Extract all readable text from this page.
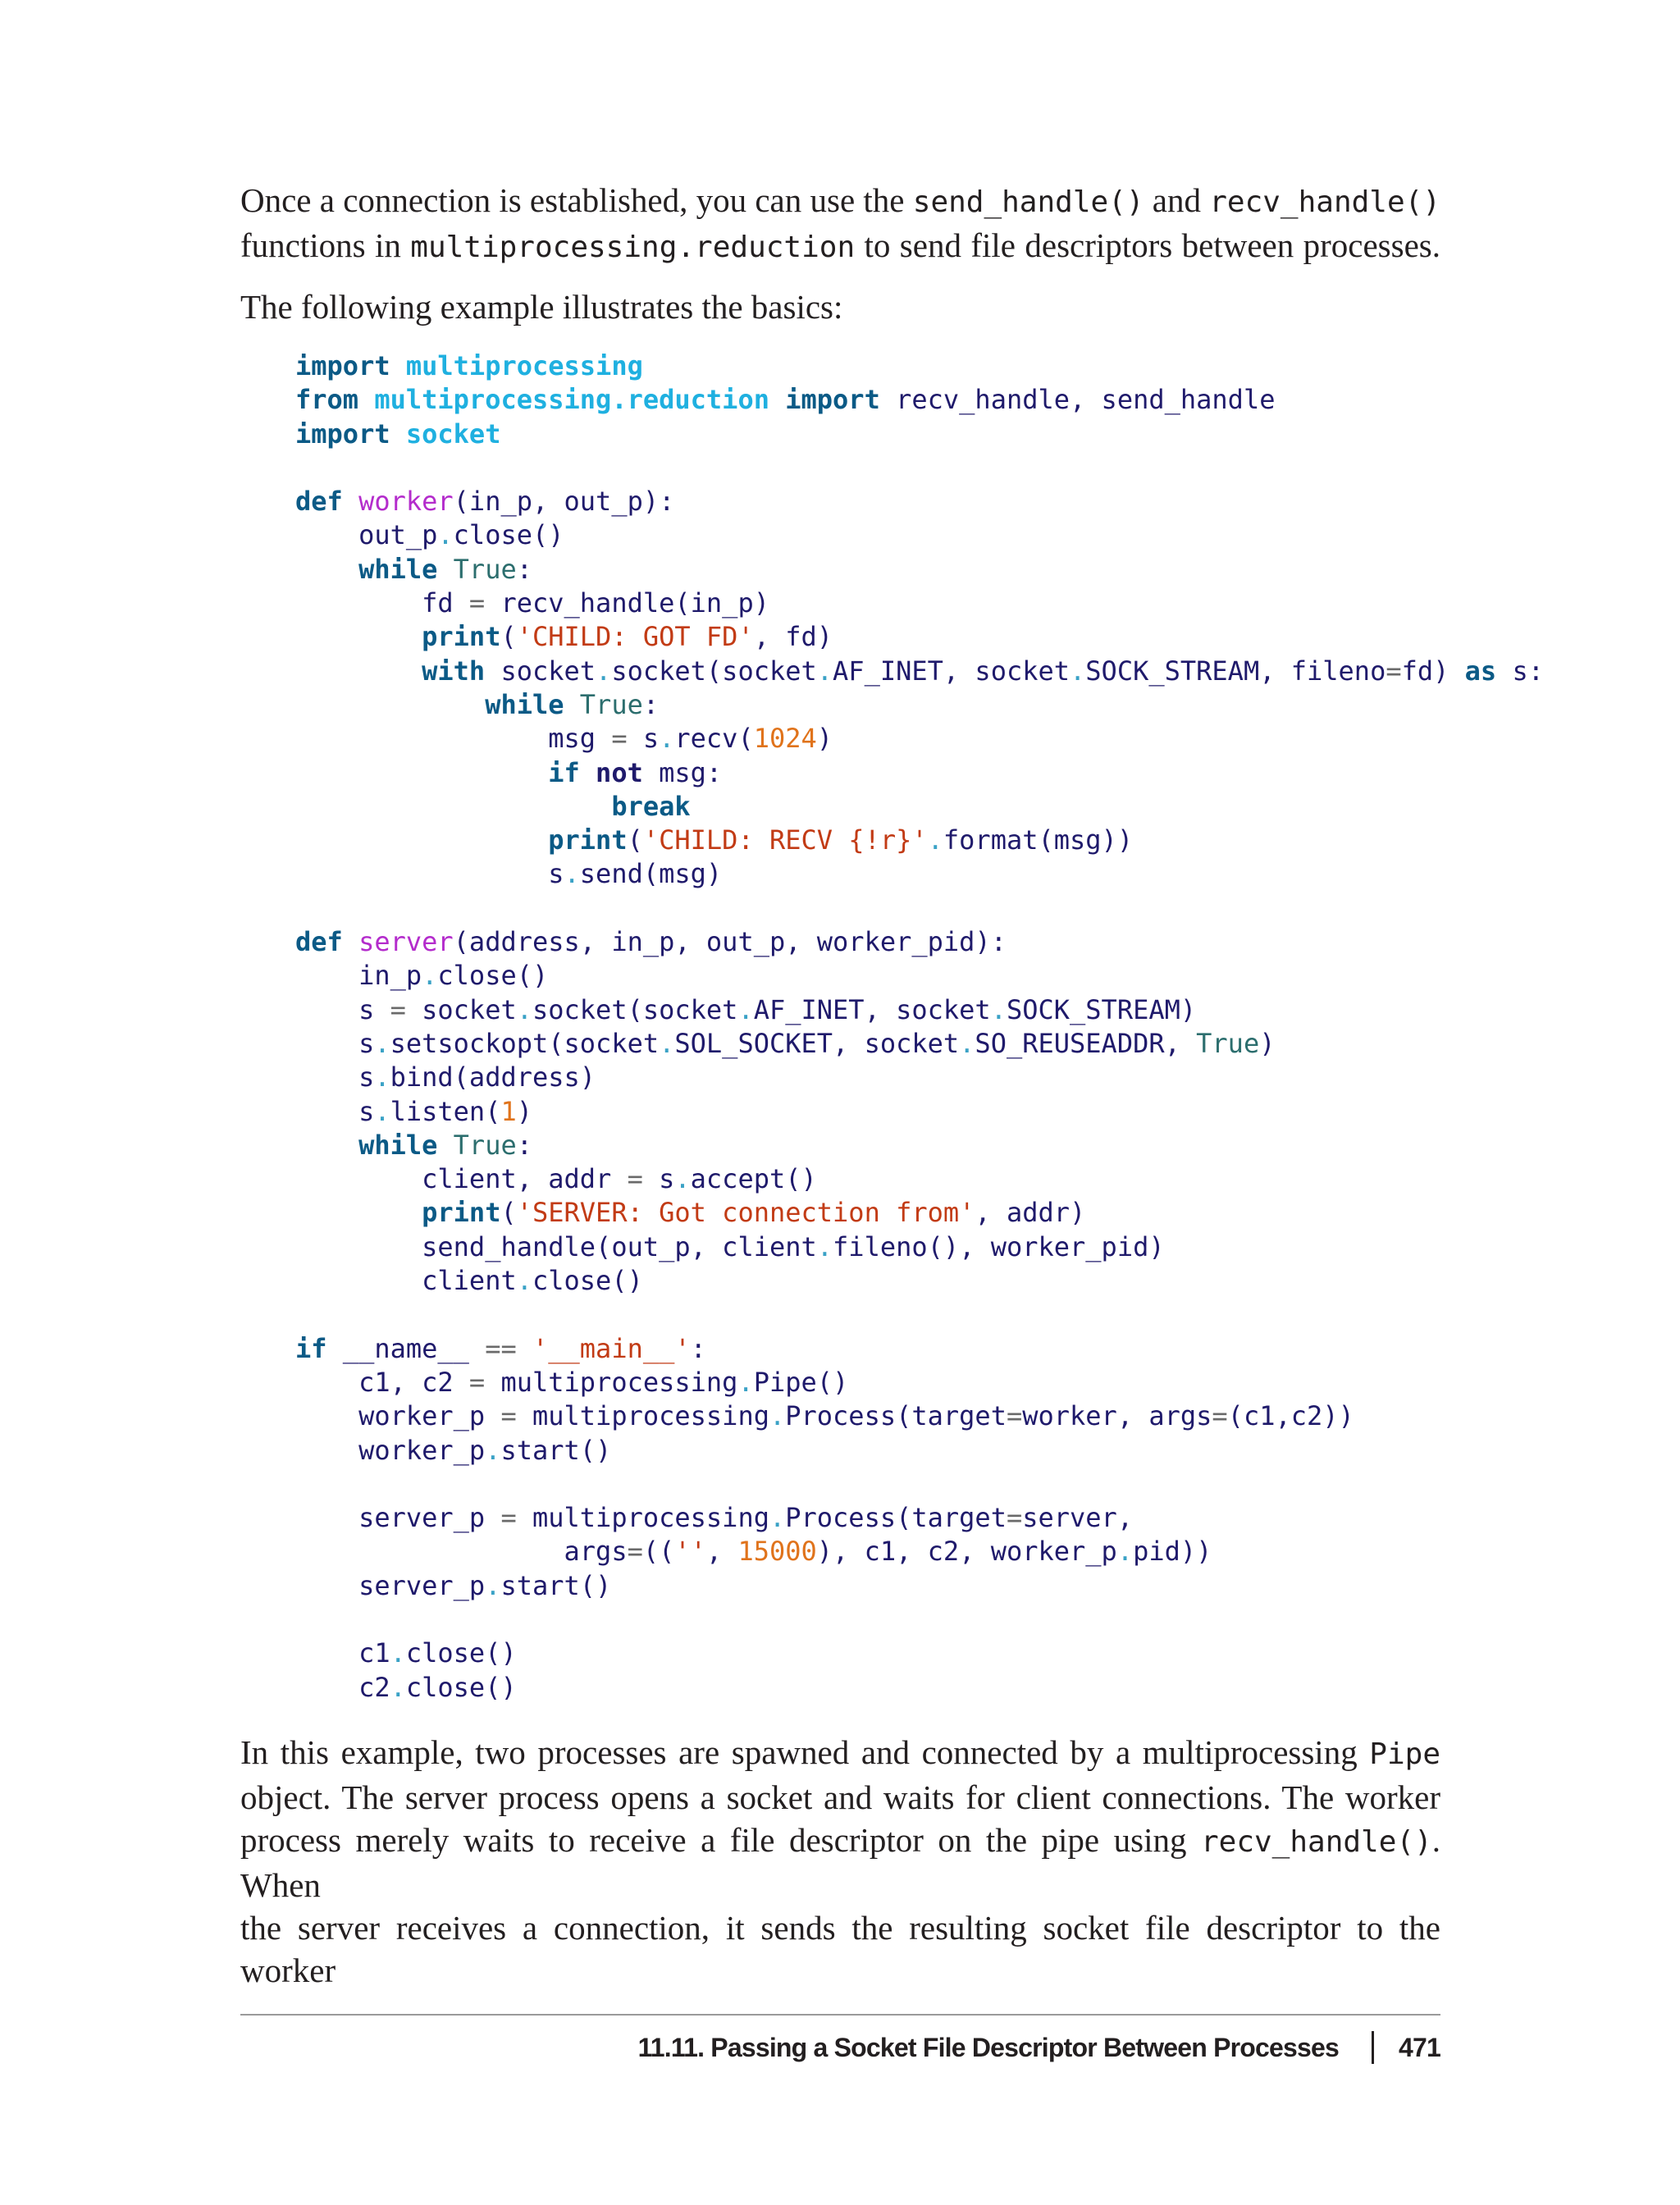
Once a connection is established, you can use the send_handle() and recv_handle()
functions in multiprocessing.reduction to send file descriptors between processes.

The following example illustrates the basics:

import multiprocessing
from multiprocessing.reduction import recv_handle, send_handle
import socket

def worker(in_p, out_p):
out_p.close()
while True:
fd = recv_handle(in_p)
print('CHILD: GOT FD', fd)
with socket.socket(socket.AF_INET, socket.SOCK_STREAM, fileno=fd) as s:
while True:
msg = s.recv(1024)
if not msg:
break
print('CHILD: RECV {!r}'.format(msg))
s.send(msg)

def server(address, in_p, out_p, worker_pid):
in_p.close()
s = socket.socket(socket.AF_INET, socket.SOCK_STREAM)
s.setsockopt(socket.SOL_SOCKET, socket.SO_REUSEADDR, True)
s.bind(address)
s.listen(1)
while True:
client, addr = s.accept()
print('SERVER: Got connection from', addr)
send_handle(out_p, client.fileno(), worker_pid)
client.close()

if __name__ == '__main__':
c1, c2 = multiprocessing.Pipe()
worker_p = multiprocessing.Process(target=worker, args=(c1,c2))
worker_p.start()

server_p = multiprocessing.Process(target=server,
args=(('', 15000), c1, c2, worker_p.pid))
server_p.start()

c1.close()
c2.close()

In this example, two processes are spawned and connected by a multiprocessing Pipe
object. The server process opens a socket and waits for client connections. The worker
process merely waits to receive a file descriptor on the pipe using recv_handle(). When
the server receives a connection, it sends the resulting socket file descriptor to the worker

11.11. Passing a Socket File Descriptor Between Processes 471
